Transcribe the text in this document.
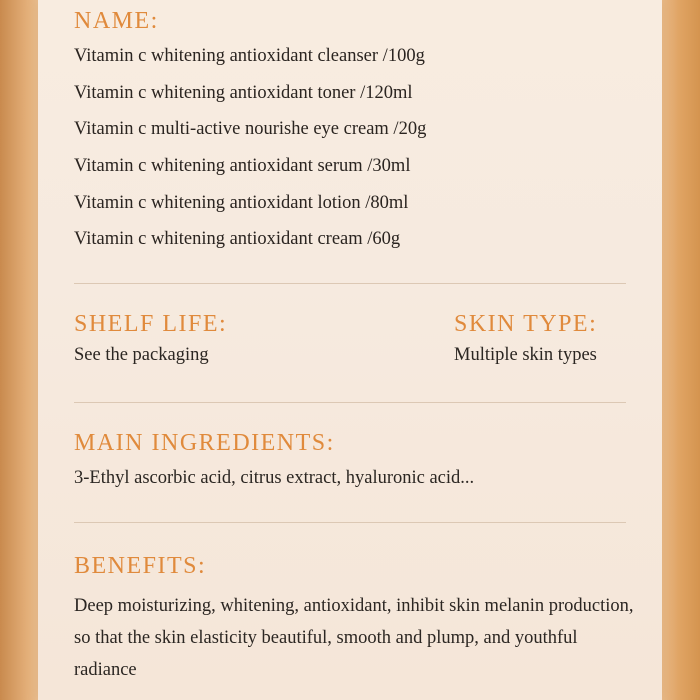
NAME:
Vitamin c whitening antioxidant cleanser /100g
Vitamin c whitening antioxidant toner /120ml
Vitamin c multi-active nourishe eye cream /20g
Vitamin c whitening antioxidant serum /30ml
Vitamin c whitening antioxidant lotion /80ml
Vitamin c whitening antioxidant cream /60g
SHELF LIFE:
See the packaging
SKIN TYPE:
Multiple skin types
MAIN INGREDIENTS:
3-Ethyl ascorbic acid, citrus extract, hyaluronic acid...
BENEFITS:
Deep moisturizing, whitening, antioxidant, inhibit skin melanin production, so that the skin elasticity beautiful, smooth and plump, and youthful radiance
